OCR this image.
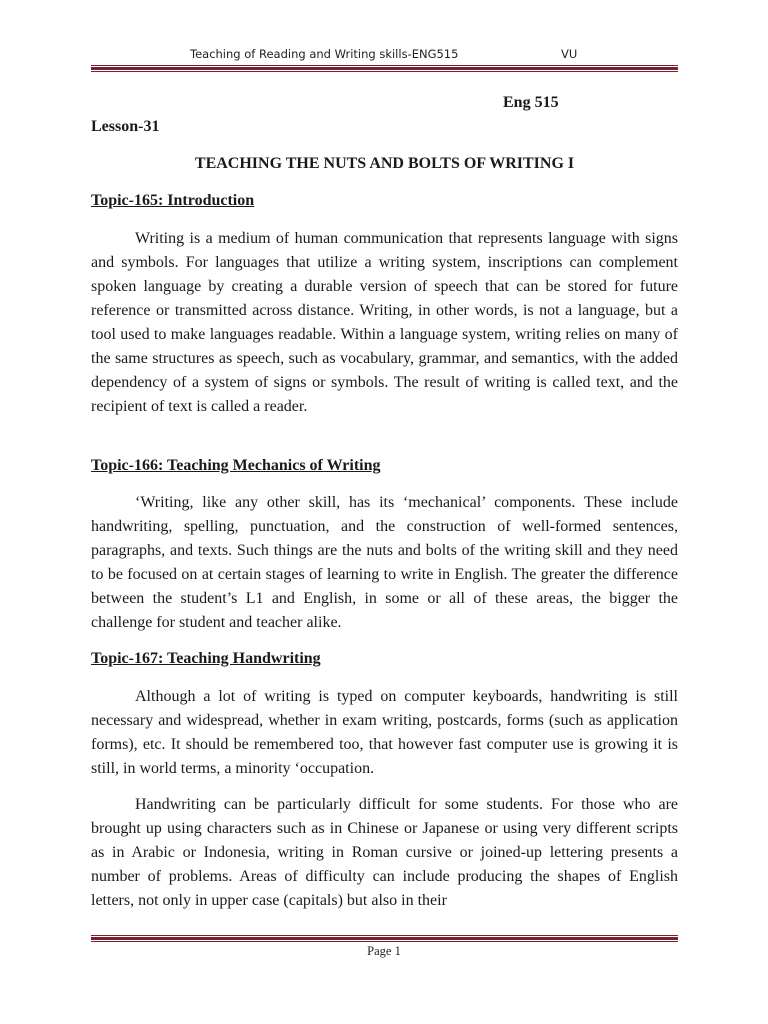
Teaching of Reading and Writing skills-ENG515	VU
Eng 515
Lesson-31
TEACHING THE NUTS AND BOLTS OF WRITING I
Topic-165: Introduction

Writing is a medium of human communication that represents language with signs and symbols. For languages that utilize a writing system, inscriptions can complement spoken language by creating a durable version of speech that can be stored for future reference or transmitted across distance. Writing, in other words, is not a language, but a tool used to make languages readable. Within a language system, writing relies on many of the same structures as speech, such as vocabulary, grammar, and semantics, with the added dependency of a system of signs or symbols. The result of writing is called text, and the recipient of text is called a reader.

Topic-166: Teaching Mechanics of Writing

‘Writing, like any other skill, has its ‘mechanical’ components. These include handwriting, spelling, punctuation, and the construction of well-formed sentences, paragraphs, and texts. Such things are the nuts and bolts of the writing skill and they need to be focused on at certain stages of learning to write in English. The greater the difference between the student’s L1 and English, in some or all of these areas, the bigger the challenge for student and teacher alike.

Topic-167: Teaching Handwriting

Although a lot of writing is typed on computer keyboards, handwriting is still necessary and widespread, whether in exam writing, postcards, forms (such as application forms), etc. It should be remembered too, that however fast computer use is growing it is still, in world terms, a minority ‘occupation.

Handwriting can be particularly difficult for some students. For those who are brought up using characters such as in Chinese or Japanese or using very different scripts as in Arabic or Indonesia, writing in Roman cursive or joined-up lettering presents a number of problems. Areas of difficulty can include producing the shapes of English letters, not only in upper case (capitals) but also in their

Page 1
